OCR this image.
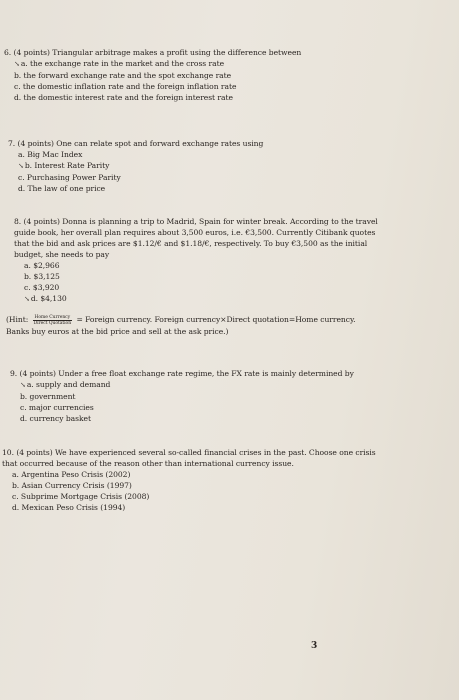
6. (4 points) Triangular arbitrage makes a profit using the difference between

↘a. the exchange rate in the market and the cross rate

b. the forward exchange rate and the spot exchange rate

c. the domestic inflation rate and the foreign inflation rate

d. the domestic interest rate and the foreign interest rate

7. (4 points) One can relate spot and forward exchange rates using

a. Big Mac Index

↘b. Interest Rate Parity

c. Purchasing Power Parity

d. The law of one price

8. (4 points) Donna is planning a trip to Madrid, Spain for winter break. According to the travel

guide book, her overall plan requires about 3,500 euros, i.e. €3,500. Currently Citibank quotes

that the bid and ask prices are $1.12/€ and $1.18/€, respectively. To buy €3,500 as the initial

budget, she needs to pay

a. $2,966

b. $3,125

c. $3,920

↘d. $4,130

(Hint: $\frac{\text{Home Currency}}{\text{Direct Quotation}}$ = Foreign currency. Foreign currency×Direct quotation=Home currency.

Banks buy euros at the bid price and sell at the ask price.)

9. (4 points) Under a free float exchange rate regime, the FX rate is mainly determined by

↘a. supply and demand

b. government

c. major currencies

d. currency basket

10. (4 points) We have experienced several so-called financial crises in the past. Choose one crisis

that occurred because of the reason other than international currency issue.

a. Argentina Peso Crisis (2002)

b. Asian Currency Crisis (1997)

c. Subprime Mortgage Crisis (2008)

d. Mexican Peso Crisis (1994)

3
